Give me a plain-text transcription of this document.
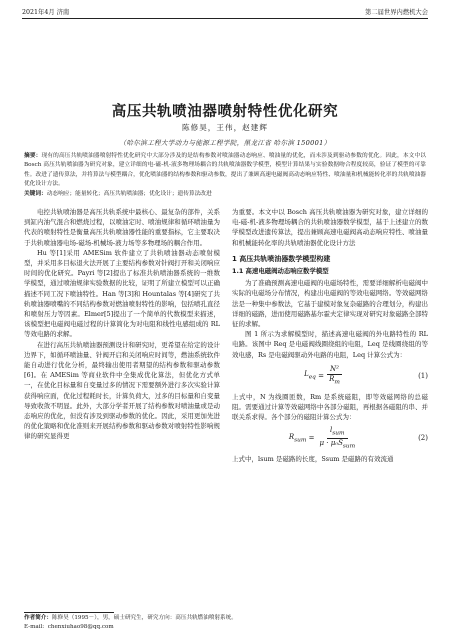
2021年4月 济南	第二届世界内燃机大会
高压共轨喷油器喷射特性优化研究
陈修昊，王伟，赵建辉
（哈尔滨工程大学动力与能源工程学院，黑龙江省 哈尔滨 150001）
摘要：现有的高压共轨喷油器喷射特性优化研究中大部分涉及的是结构参数对喷油器动态响应、喷油量的优化，而未涉及到驱动参数的优化。因此，本文中以 Bosch 高压共轨喷油器为研究对象，建立详细的电-磁-机-液多物理场耦合的共轨喷油器数学模型，模型计算结果与实验数据吻合程度较高，验证了模型的可靠性。改进了遗传算法，并将算法与模型耦合，优化喷油器的结构参数和驱动参数，提出了兼顾高速电磁阀高动态响应特性、喷油量和机械能转化率的共轨喷油器优化设计方法。
关键词：动态响应；能量转化；高压共轨喷油器；优化设计；遗传算法改进

电控共轨喷油器是高压共轨系统中最核心、最复杂的部件，关系到缸内油气混合和燃烧过程，以喷油定时、喷油规律和循环喷油量为代表的喷射特性是衡量高压共轨喷油器性能的重要指标，它主要取决于共轨喷油器电场-磁场-机械场-液力场等多物理场的耦合作用。

Hu 等[1]采用 AMESim 软件建立了共轨喷油器动态喷射模型，并采用多目标退火法开展了主要结构参数对针阀打开和关闭响应时间的优化研究。Payri 等[2]提出了标准共轨喷油器系统的一维数学模型，通过喷油规律实验数据的比较，证明了所建立模型可以正确描述不同工况下喷油特性。Han 等[3]和 Hountalas 等[4]研究了共轨喷油器喷嘴的不同结构参数对燃油喷射特性的影响，包括喷孔直径和喷射压力等因素。Elmer[5]提出了一个简单的代数模型来描述，该模型把电磁阀电磁过程的计算简化为对电阻和线性电感组成的 RL 等效电路的求解。

在进行高压共轨喷油器预测设计和研究时，更希望在给定的设计边界下，如循环喷油量、针阀开启和关闭响应时间等，燃油系统软件能自动进行优化分析，最终输出使用者期望的结构参数和驱动参数[6]。在 AMESim 等商业软件中全集成优化算法，但优化方式单一，在优化目标量和自变量过多的情况下需要额外进行多次实验计算获得响应面，优化过程耗时长，计算负荷大，过多的目标量和自变量导致收敛不明显。此外，大部分学者开展了结构参数对喷油量或是动态响应的优化，但没有涉及到驱动参数的优化。因此，采用更加先进的优化策略和优化准则来开展结构参数和驱动参数对喷射特性影响规律的研究显得更

为重要。本文中以 Bosch 高压共轨喷油器为研究对象，建立详细的电-磁-机-液多物理场耦合的共轨喷油器数学模型，基于上述建立的数学模型改进遗传算法，提出兼顾高速电磁阀高动态响应特性、喷油量和机械能转化率的共轨喷油器优化设计方法

1 高压共轨喷油器数学模型构建
1.1 高速电磁阀动态响应数学模型

为了准确预测高速电磁阀的电磁场特性，需要详细解析电磁阀中实际的电磁场分布情况，构建出电磁阀的等效电磁网络。等效磁网络法是一种集中参数法，它基于建模对象复杂磁路的合理划分，构建出详细的磁路，进而使用磁路基尔霍夫定律实现对研究对象磁路全部特征的求解。

图 1 所示为求解模型时，描述高速电磁阀的外电路特性的 RL 电路。该图中 Req 是电磁阀线圈绕组的电阻，Leq 是线圈绕组的等效电感，Rs 是电磁阀驱动外电路的电阻，Leq 计算公式为：

$L_{eq} = \frac{\text{N²}}{R_m}$	(1)

上式中，N 为线圈匝数，Rm 是系统磁阻，即等效磁网络的总磁阻。需要通过计算等效磁网络中各部分磁阻，再根据各磁阻的串、并联关系求得。各个部分的磁阻计算公式为：

$R_{sum} = \frac{l_{sum}}{\mu \cdot \mu_0S_{sum}}$	(2)

上式中，lsum 是磁路的长度，Ssum 是磁路的有效流通

作者简介：陈修昊（1995－），男，硕士研究生，研究方向：高压共轨燃油喷射系统。
E-mail: chenxiuhao98@qq.com
